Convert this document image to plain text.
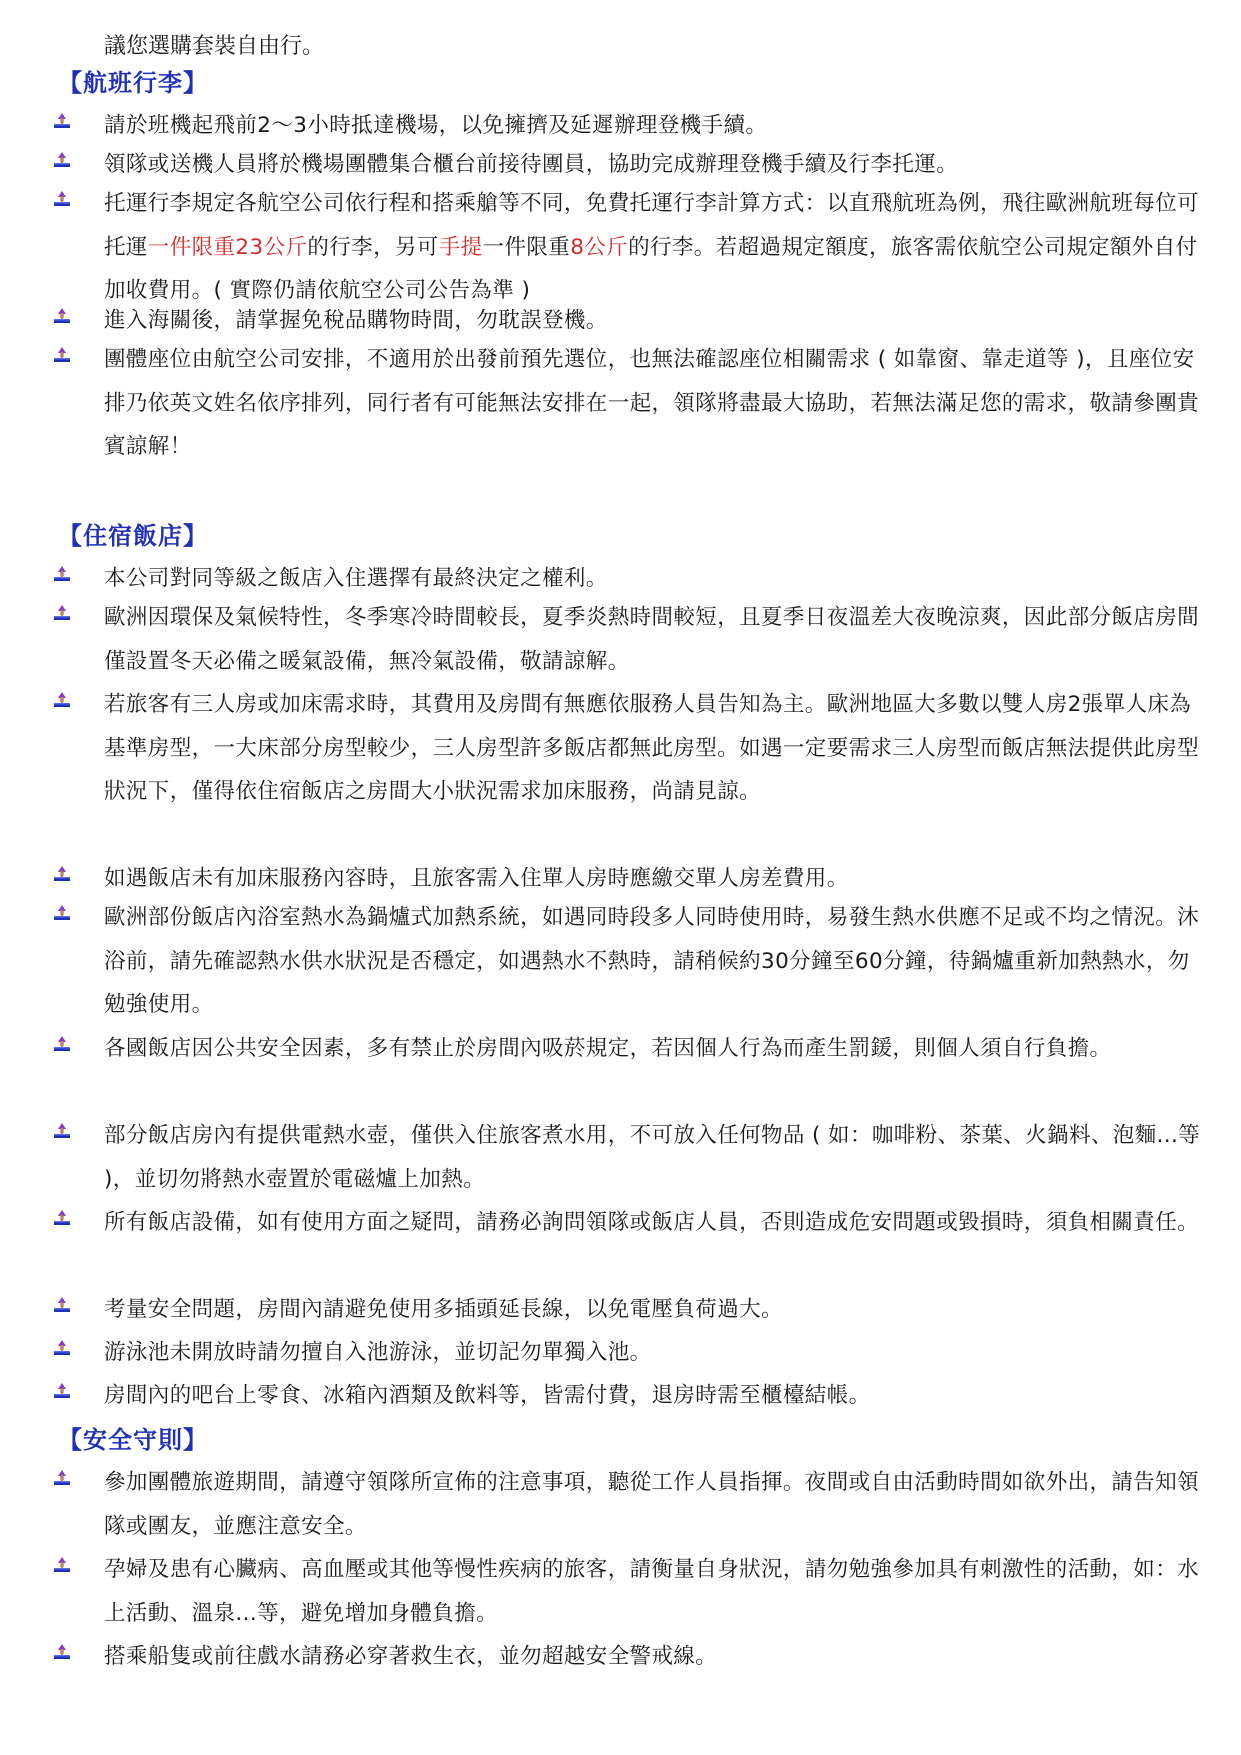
議您選購套裝自由行。
【航班行李】
請於班機起飛前2～3小時抵達機場，以免擁擠及延遲辦理登機手續。
領隊或送機人員將於機場團體集合櫃台前接待團員，協助完成辦理登機手續及行李托運。
托運行李規定各航空公司依行程和搭乘艙等不同，免費托運行李計算方式：以直飛航班為例，飛往歐洲航班每位可托運一件限重23公斤的行李，另可手提一件限重8公斤的行李。若超過規定額度，旅客需依航空公司規定額外自付加收費用。( 實際仍請依航空公司公告為準 )
進入海關後，請掌握免稅品購物時間，勿耽誤登機。
團體座位由航空公司安排，不適用於出發前預先選位，也無法確認座位相關需求 ( 如靠窗、靠走道等 )，且座位安排乃依英文姓名依序排列，同行者有可能無法安排在一起，領隊將盡最大協助，若無法滿足您的需求，敬請參團貴賓諒解！
【住宿飯店】
本公司對同等級之飯店入住選擇有最終決定之權利。
歐洲因環保及氣候特性，冬季寒冷時間較長，夏季炎熱時間較短，且夏季日夜溫差大夜晚涼爽，因此部分飯店房間僅設置冬天必備之暖氣設備，無冷氣設備，敬請諒解。
若旅客有三人房或加床需求時，其費用及房間有無應依服務人員告知為主。歐洲地區大多數以雙人房2張單人床為基準房型，一大床部分房型較少，三人房型許多飯店都無此房型。如遇一定要需求三人房型而飯店無法提供此房型狀況下，僅得依住宿飯店之房間大小狀況需求加床服務，尚請見諒。
如遇飯店未有加床服務內容時，且旅客需入住單人房時應繳交單人房差費用。
歐洲部份飯店內浴室熱水為鍋爐式加熱系統，如遇同時段多人同時使用時，易發生熱水供應不足或不均之情況。沐浴前，請先確認熱水供水狀況是否穩定，如遇熱水不熱時，請稍候約30分鐘至60分鐘，待鍋爐重新加熱熱水，勿勉強使用。
各國飯店因公共安全因素，多有禁止於房間內吸菸規定，若因個人行為而產生罰鍰，則個人須自行負擔。
部分飯店房內有提供電熱水壺，僅供入住旅客煮水用，不可放入任何物品 ( 如：咖啡粉、茶葉、火鍋料、泡麵...等 )，並切勿將熱水壺置於電磁爐上加熱。
所有飯店設備，如有使用方面之疑問，請務必詢問領隊或飯店人員，否則造成危安問題或毀損時，須負相關責任。
考量安全問題，房間內請避免使用多插頭延長線，以免電壓負荷過大。
游泳池未開放時請勿擅自入池游泳，並切記勿單獨入池。
房間內的吧台上零食、冰箱內酒類及飲料等，皆需付費，退房時需至櫃檯結帳。
【安全守則】
參加團體旅遊期間，請遵守領隊所宣佈的注意事項，聽從工作人員指揮。夜間或自由活動時間如欲外出，請告知領隊或團友，並應注意安全。
孕婦及患有心臟病、高血壓或其他等慢性疾病的旅客，請衡量自身狀況，請勿勉強參加具有刺激性的活動，如：水上活動、溫泉...等，避免增加身體負擔。
搭乘船隻或前往戲水請務必穿著救生衣，並勿超越安全警戒線。
